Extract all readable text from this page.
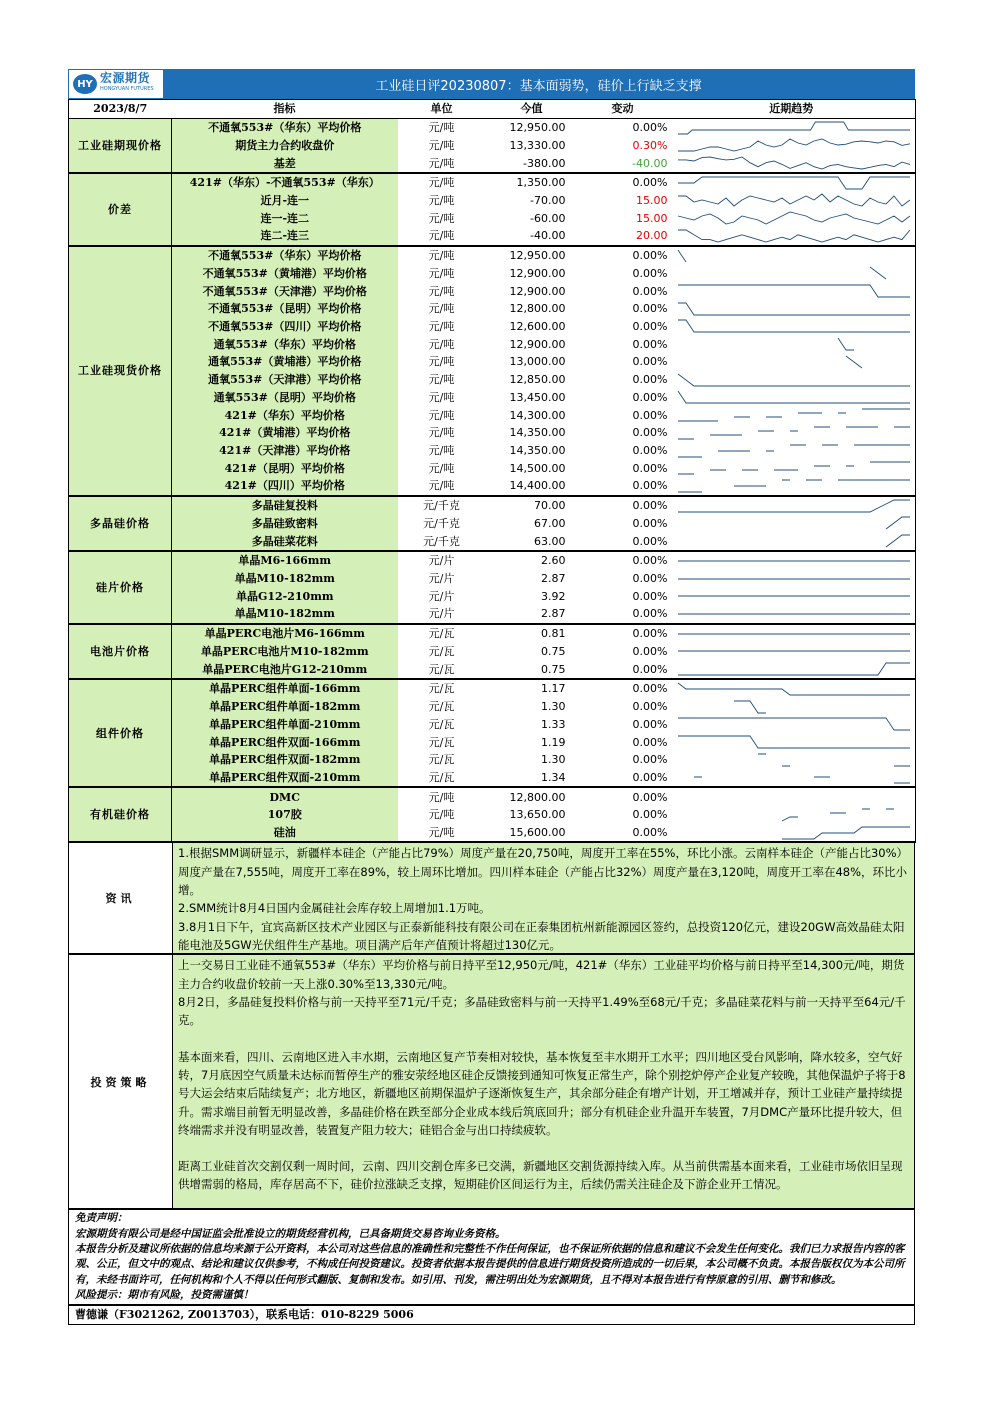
HY 宏源期货
HONGYUAN FUTURES	工业硅日评20230807：基本面弱势，硅价上行缺乏支撑
2023/8/7	指标	单位	今值	变动	近期趋势
工业硅期现价格	不通氧553#（华东）平均价格	元/吨	12,950.00	0.00%	

	期货主力合约收盘价	元/吨	13,330.00	0.30%	

	基差	元/吨	-380.00	-40.00	

价差	421#（华东）-不通氧553#（华东）	元/吨	1,350.00	0.00%	

	近月-连一	元/吨	-70.00	15.00	

	连一-连二	元/吨	-60.00	15.00	

	连二-连三	元/吨	-40.00	20.00	

工业硅现货价格	不通氧553#（华东）平均价格	元/吨	12,950.00	0.00%	

	不通氧553#（黄埔港）平均价格	元/吨	12,900.00	0.00%	

	不通氧553#（天津港）平均价格	元/吨	12,900.00	0.00%	

	不通氧553#（昆明）平均价格	元/吨	12,800.00	0.00%	

	不通氧553#（四川）平均价格	元/吨	12,600.00	0.00%	

	通氧553#（华东）平均价格	元/吨	12,900.00	0.00%	

	通氧553#（黄埔港）平均价格	元/吨	13,000.00	0.00%	

	通氧553#（天津港）平均价格	元/吨	12,850.00	0.00%	

	通氧553#（昆明）平均价格	元/吨	13,450.00	0.00%	

	421#（华东）平均价格	元/吨	14,300.00	0.00%	

	421#（黄埔港）平均价格	元/吨	14,350.00	0.00%	

	421#（天津港）平均价格	元/吨	14,350.00	0.00%	

	421#（昆明）平均价格	元/吨	14,500.00	0.00%	

	421#（四川）平均价格	元/吨	14,400.00	0.00%	

多晶硅价格	多晶硅复投料	元/千克	70.00	0.00%	

	多晶硅致密料	元/千克	67.00	0.00%	

	多晶硅菜花料	元/千克	63.00	0.00%	

硅片价格	单晶M6-166mm	元/片	2.60	0.00%	

	单晶M10-182mm	元/片	2.87	0.00%	

	单晶G12-210mm	元/片	3.92	0.00%	

	单晶M10-182mm	元/片	2.87	0.00%	

电池片价格	单晶PERC电池片M6-166mm	元/瓦	0.81	0.00%	

	单晶PERC电池片M10-182mm	元/瓦	0.75	0.00%	

	单晶PERC电池片G12-210mm	元/瓦	0.75	0.00%	

组件价格	单晶PERC组件单面-166mm	元/瓦	1.17	0.00%	

	单晶PERC组件单面-182mm	元/瓦	1.30	0.00%	

	单晶PERC组件单面-210mm	元/瓦	1.33	0.00%	

	单晶PERC组件双面-166mm	元/瓦	1.19	0.00%	

	单晶PERC组件双面-182mm	元/瓦	1.30	0.00%	

	单晶PERC组件双面-210mm	元/瓦	1.34	0.00%	

有机硅价格	DMC	元/吨	12,800.00	0.00%	

	107胶	元/吨	13,650.00	0.00%	

	硅油	元/吨	15,600.00	0.00%	
资讯

1.根据SMM调研显示，新疆样本硅企（产能占比79%）周度产量在20,750吨，周度开工率在55%，环比小涨。云南样本硅企（产能占比30%）周度产量在7,555吨，周度开工率在89%，较上周环比增加。四川样本硅企（产能占比32%）周度产量在3,120吨，周度开工率在48%，环比小增。

2.SMM统计8月4日国内金属硅社会库存较上周增加1.1万吨。

3.8月1日下午，宜宾高新区技术产业园区与正泰新能科技有限公司在正泰集团杭州新能源园区签约，总投资120亿元，建设20GW高效晶硅太阳能电池及5GW光伏组件生产基地。项目满产后年产值预计将超过130亿元。

投资策略

上一交易日工业硅不通氧553#（华东）平均价格与前日持平至12,950元/吨，421#（华东）工业硅平均价格与前日持平至14,300元/吨，期货主力合约收盘价较前一天上涨0.30%至13,330元/吨。

8月2日，多晶硅复投料价格与前一天持平至71元/千克；多晶硅致密料与前一天持平1.49%至68元/千克；多晶硅菜花料与前一天持平至64元/千克。

基本面来看，四川、云南地区进入丰水期，云南地区复产节奏相对较快，基本恢复至丰水期开工水平；四川地区受台风影响，降水较多，空气好转，7月底因空气质量未达标而暂停生产的雅安荥经地区硅企反馈接到通知可恢复正常生产，除个别挖炉停产企业复产较晚，其他保温炉子将于8号大运会结束后陆续复产；北方地区，新疆地区前期保温炉子逐渐恢复生产，其余部分硅企有增产计划，开工增减并存，预计工业硅产量持续提升。需求端目前暂无明显改善，多晶硅价格在跌至部分企业成本线后筑底回升；部分有机硅企业升温开车装置，7月DMC产量环比提升较大，但终端需求并没有明显改善，装置复产阻力较大；硅铝合金与出口持续疲软。

距离工业硅首次交割仅剩一周时间，云南、四川交割仓库多已交满，新疆地区交割货源持续入库。从当前供需基本面来看，工业硅市场依旧呈现供增需弱的格局，库存居高不下，硅价拉涨缺乏支撑，短期硅价区间运行为主，后续仍需关注硅企及下游企业开工情况。

免责声明：

宏源期货有限公司是经中国证监会批准设立的期货经营机构，已具备期货交易咨询业务资格。

本报告分析及建议所依据的信息均来源于公开资料，本公司对这些信息的准确性和完整性不作任何保证，也不保证所依据的信息和建议不会发生任何变化。我们已力求报告内容的客观、公正，但文中的观点、结论和建议仅供参考，不构成任何投资建议。投资者依据本报告提供的信息进行期货投资所造成的一切后果，本公司概不负责。本报告版权仅为本公司所有，未经书面许可，任何机构和个人不得以任何形式翻版、复制和发布。如引用、刊发，需注明出处为宏源期货，且不得对本报告进行有悖原意的引用、删节和修改。

风险提示：期市有风险，投资需谨慎！

曹德谦（F3021262, Z0013703），联系电话：010-8229 5006
